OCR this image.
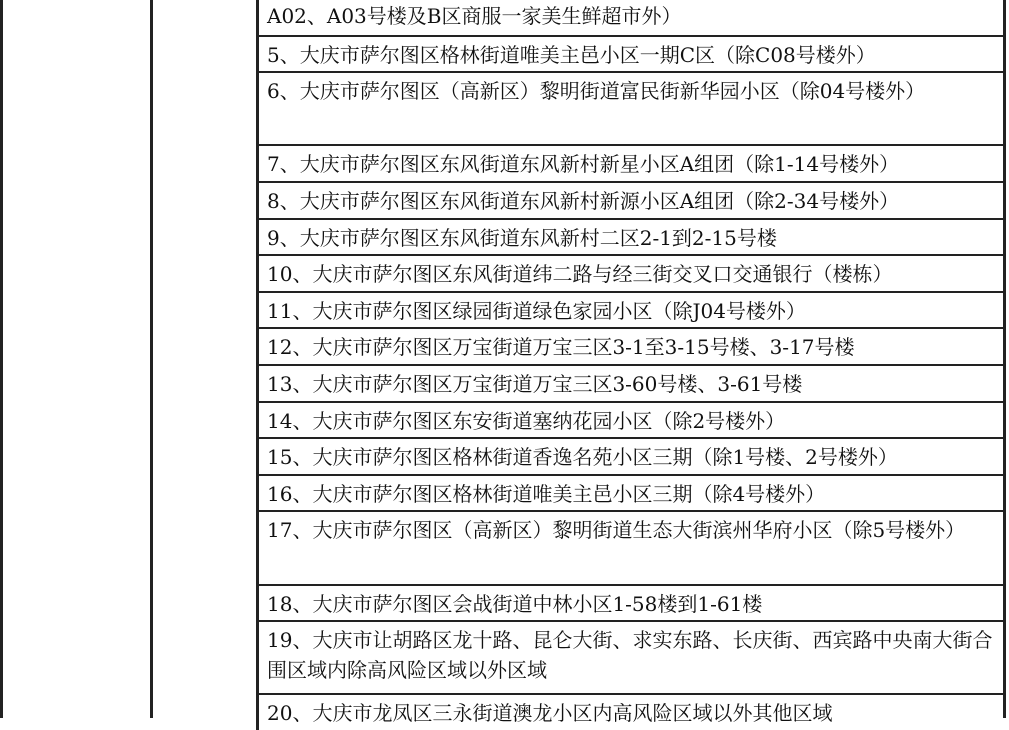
A02、A03号楼及B区商服一家美生鲜超市外）
5、大庆市萨尔图区格林街道唯美主邑小区一期C区（除C08号楼外）
6、大庆市萨尔图区（高新区）黎明街道富民街新华园小区（除04号楼外）
7、大庆市萨尔图区东风街道东风新村新星小区A组团（除1-14号楼外）
8、大庆市萨尔图区东风街道东风新村新源小区A组团（除2-34号楼外）
9、大庆市萨尔图区东风街道东风新村二区2-1到2-15号楼
10、大庆市萨尔图区东风街道纬二路与经三街交叉口交通银行（楼栋）
11、大庆市萨尔图区绿园街道绿色家园小区（除J04号楼外）
12、大庆市萨尔图区万宝街道万宝三区3-1至3-15号楼、3-17号楼
13、大庆市萨尔图区万宝街道万宝三区3-60号楼、3-61号楼
14、大庆市萨尔图区东安街道塞纳花园小区（除2号楼外）
15、大庆市萨尔图区格林街道香逸名苑小区三期（除1号楼、2号楼外）
16、大庆市萨尔图区格林街道唯美主邑小区三期（除4号楼外）
17、大庆市萨尔图区（高新区）黎明街道生态大街滨州华府小区（除5号楼外）
18、大庆市萨尔图区会战街道中林小区1-58楼到1-61楼
19、大庆市让胡路区龙十路、昆仑大街、求实东路、长庆街、西宾路中央南大街合围区域内除高风险区域以外区域
20、大庆市龙凤区三永街道澳龙小区内高风险区域以外其他区域
